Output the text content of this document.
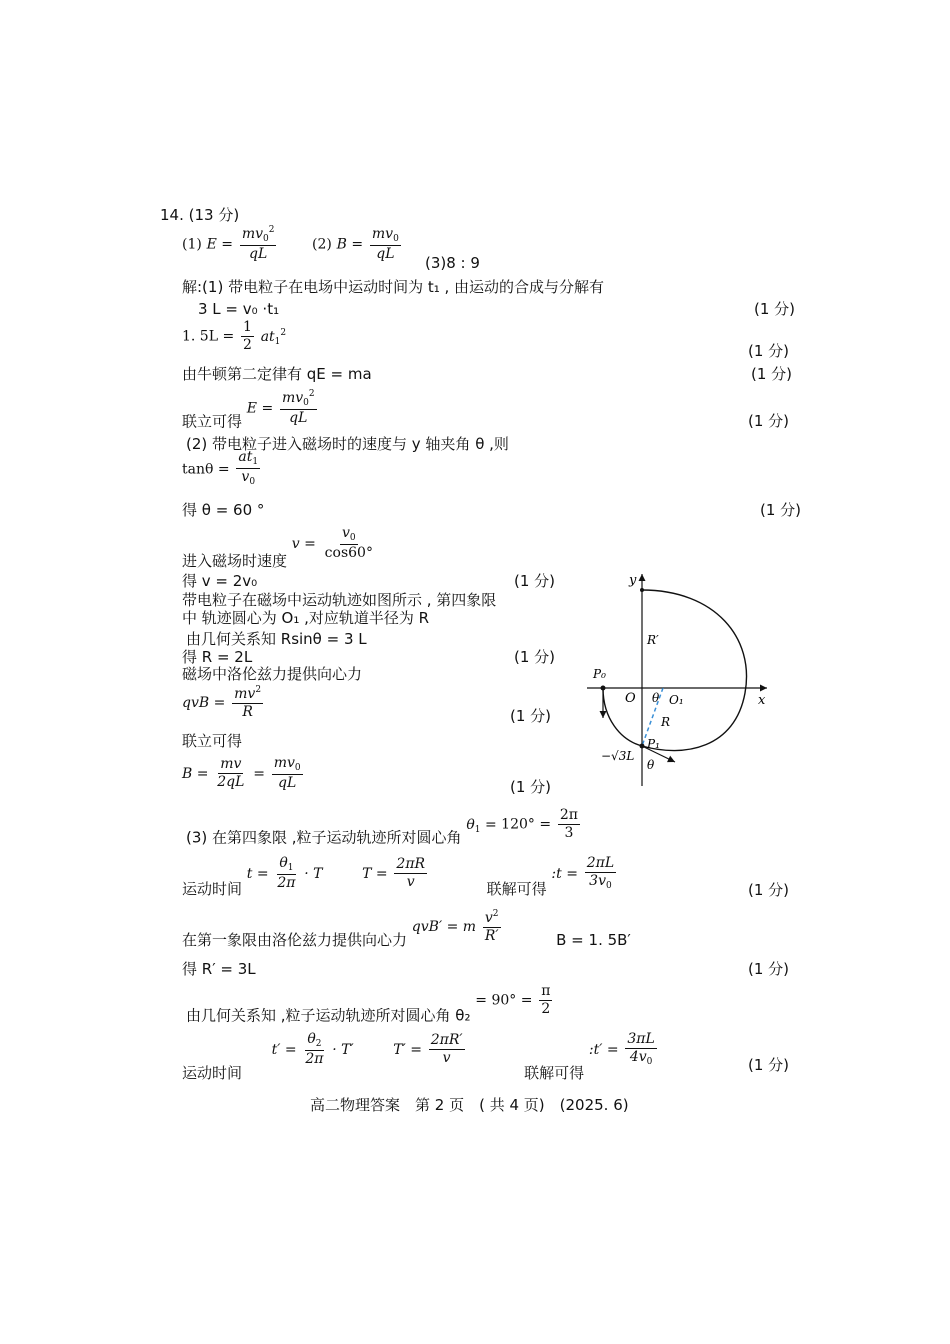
14. (13 分)
(1) $E = \frac{mv_0^2}{qL}$	(2) $B = \frac{mv_0}{qL}$
(3)8 : 9
解:(1) 带电粒子在电场中运动时间为 t₁ , 由运动的合成与分解有
3 L = v₀ ·t₁	(1 分)
1. $5L = \frac{1}{2} at_1^2$
(1 分)
由牛顿第二定律有 qE = ma	(1 分)
联立可得 $E = \frac{mv_0^2}{qL}$	(1 分)
(2) 带电粒子进入磁场时的速度与 y 轴夹角 θ ,则
$\tan\theta = \frac{at_1}{v_0}$
得 θ = 60 °	(1 分)
进入磁场时速度 $v = \frac{v_0}{\cos 60^\circ}$
得 v = 2v₀	(1 分)
带电粒子在磁场中运动轨迹如图所示 , 第四象限
中 轨迹圆心为 O₁ ,对应轨道半径为 R
由几何关系知 Rsinθ = 3 L
得 R = 2L	(1 分)
磁场中洛伦兹力提供向心力
qvB = $\frac{mv^2}{R}$	(1 分)
联立可得
$B = \frac{mv}{2qL} = \frac{mv_0}{qL}$	(1 分)
y
x
O	O₁
P₀
P₁
R
R′
θ
θ
−√3L
(3) 在第四象限 ,粒子运动轨迹所对圆心角 $\theta_1 = 120^\circ = \frac{2\pi}{3}$
运动时间 $t = \frac{\theta_1}{2\pi} \cdot T$	$T = \frac{2\pi R}{v}$	联解可得 :t = $\frac{2\pi L}{3v_0}$	(1 分)
在第一象限由洛伦兹力提供向心力 qvB′ = m $\frac{v^2}{R'}$	B = 1. 5B′
得 R′ = 3L	(1 分)
由几何关系知 ,粒子运动轨迹所对圆心角 $\theta_2 = 90^\circ = \frac{\pi}{2}$
运动时间  $t' = \frac{\theta_2}{2\pi} \cdot T'$	$T' = \frac{2\pi R'}{v}$
联解可得 :t′ = $\frac{3\pi L}{4v_0}$	(1 分)
高二物理答案　第 2 页　( 共 4 页)　(2025. 6)
